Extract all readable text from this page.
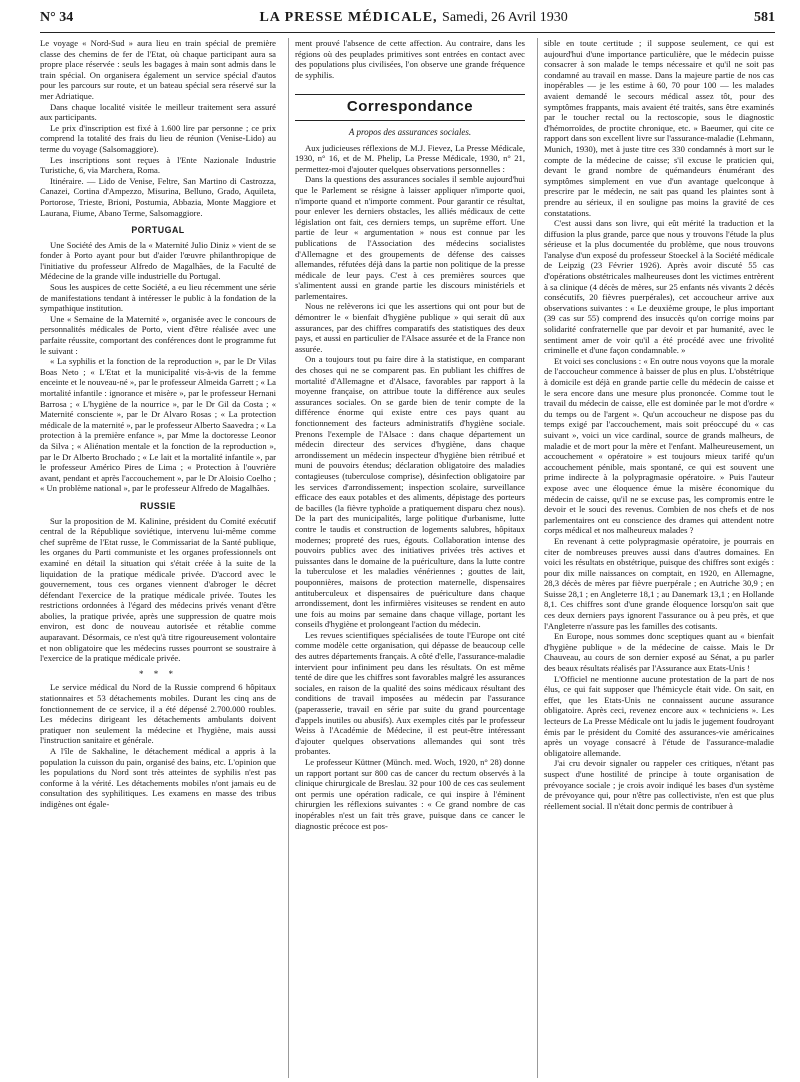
N° 34	LA PRESSE MÉDICALE, Samedi, 26 Avril 1930	581

Le voyage « Nord-Sud » aura lieu en train spécial de première classe des chemins de fer de l'Etat, où chaque participant aura sa propre place réservée : seuls les bagages à main sont admis dans le train spécial. On organisera également un service spécial d'autos pour les parcours sur route, et un bateau spécial sera réservé sur la mer Adriatique.

Dans chaque localité visitée le meilleur traitement sera assuré aux participants.

Le prix d'inscription est fixé à 1.600 lire par personne ; ce prix comprend la totalité des frais du lieu de réunion (Venise-Lido) au terme du voyage (Salsomaggiore).

Les inscriptions sont reçues à l'Ente Nazionale Industrie Turistiche, 6, via Marchera, Roma.

Itinéraire. — Lido de Venise, Feltre, San Martino di Castrozza, Canazei, Cortina d'Ampezzo, Misurina, Belluno, Grado, Aquileta, Portorose, Trieste, Brioni, Postumia, Abbazia, Monte Maggiore et Laurana, Fiume, Abano Terme, Salsomaggiore.

PORTUGAL

Une Société des Amis de la « Maternité Julio Diniz » vient de se fonder à Porto ayant pour but d'aider l'œuvre philanthropique de l'initiative du professeur Alfredo de Magalhães, de la Faculté de Médecine de la grande ville industrielle du Portugal.

Sous les auspices de cette Société, a eu lieu récemment une série de manifestations tendant à intéresser le public à la fondation de la sympathique institution.

Une « Semaine de la Maternité », organisée avec le concours de personnalités médicales de Porto, vient d'être réalisée avec une parfaite réussite, comportant des conférences dont le programme fut le suivant :

« La syphilis et la fonction de la reproduction », par le Dr Vilas Boas Neto ; « L'Etat et la municipalité vis-à-vis de la femme enceinte et le nouveau-né », par le professeur Almeida Garrett ; « La mortalité infantile : ignorance et misère », par le professeur Hernani Barrosa ; « L'hygiène de la nourrice », par le Dr Gil da Costa ; « Maternité consciente », par le Dr Alvaro Rosas ; « La protection médicale de la maternité », par le professeur Alberto Saavedra ; « La protection à la première enfance », par Mme la doctoresse Leonor da Silva ; « Aliénation mentale et la fonction de la reproduction », par le Dr Alberto Brochado ; « Le lait et la mortalité infantile », par le professeur Américo Pires de Lima ; « Protection à l'ouvrière avant, pendant et après l'accouchement », par le Dr Aloisio Coelho ; « Un problème national », par le professeur Alfredo de Magalhães.

RUSSIE

Sur la proposition de M. Kalinine, président du Comité exécutif central de la République soviétique, intervenu lui-même comme chef suprême de l'Etat russe, le Commissariat de la Santé publique, les organes du Parti communiste et les organes professionnels ont examiné en détail la situation qui s'était créée à la suite de la liquidation de la pratique médicale privée. D'accord avec le gouvernement, tous ces organes viennent d'abroger le décret défendant l'exercice de la pratique médicale privée. Toutes les restrictions ordonnées à l'égard des médecins privés venant d'être abolies, la pratique privée, après une suppression de quatre mois environ, est donc de nouveau autorisée et rétablie comme auparavant. Désormais, ce n'est qu'à titre rigoureusement volontaire et non obligatoire que les médecins russes pourront se soustraire à l'exercice de la pratique médicale privée.

* * *

Le service médical du Nord de la Russie comprend 6 hôpitaux stationnaires et 53 détachements mobiles. Durant les cinq ans de fonctionnement de ce service, il a été dépensé 2.700.000 roubles. Les médecins dirigeant les détachements ambulants doivent pratiquer non seulement la médecine et l'hygiène, mais aussi l'instruction sanitaire et générale.

A l'île de Sakhaline, le détachement médical a appris à la population la cuisson du pain, organisé des bains, etc. L'opinion que les populations du Nord sont très atteintes de syphilis n'est pas conforme à la vérité. Les détachements mobiles n'ont jamais eu de consultation des syphilitiques. Les examens en masse des tribus indigènes ont égale-

ment prouvé l'absence de cette affection. Au contraire, dans les régions où des peuplades primitives sont entrées en contact avec des populations plus civilisées, l'on observe une grande fréquence de syphilis.

Correspondance
A propos des assurances sociales.

Aux judicieuses réflexions de M.J. Fievez, La Presse Médicale, 1930, n° 16, et de M. Phelip, La Presse Médicale, 1930, n° 21, permettez-moi d'ajouter quelques observations personnelles :

Dans la questions des assurances sociales il semble aujourd'hui que le Parlement se résigne à laisser appliquer n'importe quoi, n'importe quand et n'importe comment. Pour garantir ce résultat, pour enlever les derniers obstacles, les alliés médicaux de cette législation ont fait, ces derniers temps, un suprême effort. Une partie de leur « argumentation » nous est connue par les publications de l'Association des médecins socialistes d'Allemagne et des groupements de défense des caisses allemandes, réfutées déjà dans la partie non politique de la presse médicale de leur pays. C'est à ces premières sources que s'alimentent aussi en grande partie les discours ministériels et parlementaires.

Nous ne relèverons ici que les assertions qui ont pour but de démontrer le « bienfait d'hygiène publique » qui serait dû aux assurances, par des chiffres comparatifs des statistiques des deux pays, et aussi en particulier de l'Alsace assurée et de la France non assurée.

On a toujours tout pu faire dire à la statistique, en comparant des choses qui ne se comparent pas. En publiant les chiffres de mortalité d'Allemagne et d'Alsace, favorables par rapport à la moyenne française, on attribue toute la différence aux seules assurances sociales. On se garde bien de tenir compte de la différence énorme qui existe entre ces pays quant au fonctionnement des facteurs administratifs d'hygiène sociale. Prenons l'exemple de l'Alsace : dans chaque département un médecin directeur des services d'hygiène, dans chaque arrondissement un médecin inspecteur d'hygiène bien rétribué et muni de pouvoirs étendus; déclaration obligatoire des maladies contagieuses (tuberculose comprise), désinfection obligatoire par les services d'arrondissement; inspection scolaire, surveillance efficace des eaux potables et des aliments, dépistage des porteurs de bacilles (la fièvre typhoïde a pratiquement disparu chez nous). De la part des municipalités, large politique d'urbanisme, lutte contre le taudis et construction de logements salubres, hôpitaux modernes; propreté des rues, égouts. Collaboration intense des pouvoirs publics avec des initiatives privées très actives et puissantes dans le domaine de la puériculture, dans la lutte contre la tuberculose et les maladies vénériennes ; gouttes de lait, pouponnières, maisons de protection maternelle, dispensaires antituberculeux et dispensaires de puériculture dans chaque arrondissement, dont les infirmières visiteuses se rendent en auto une fois au moins par semaine dans chaque village, portant les conseils d'hygiène et prolongeant l'action du médecin.

Les revues scientifiques spécialisées de toute l'Europe ont cité comme modèle cette organisation, qui dépasse de beaucoup celle des autres départements français. A côté d'elle, l'assurance-maladie intervient pour infiniment peu dans les résultats. On est même tenté de dire que les chiffres sont favorables malgré les assurances sociales, en raison de la qualité des soins médicaux résultant des conditions de travail imposées au médecin par l'assurance (paperasserie, travail en série par suite du grand pourcentage d'appels inutiles ou abusifs). Aux exemples cités par le professeur Weiss à l'Académie de Médecine, il est peut-être intéressant d'ajouter quelques observations allemandes qui sont très probantes.

Le professeur Küttner (Münch. med. Woch, 1920, n° 28) donne un rapport portant sur 800 cas de cancer du rectum observés à la clinique chirurgicale de Breslau. 32 pour 100 de ces cas seulement ont permis une opération radicale, ce qui inspire à l'éminent chirurgien les réflexions suivantes : « Ce grand nombre de cas inopérables n'est un fait très grave, puisque dans ce cancer le diagnostic précoce est pos-

sible en toute certitude ; il suppose seulement, ce qui est aujourd'hui d'une importance particulière, que le médecin puisse consacrer à son malade le temps nécessaire et qu'il ne soit pas condamné au travail en masse. Dans la majeure partie de nos cas inopérables — je les estime à 60, 70 pour 100 — les malades avaient demandé le secours médical assez tôt, pour des symptômes frappants, mais avaient été traités, sans être examinés par le toucher rectal ou la rectoscopie, sous le diagnostic d'hémorroïdes, de proctite chronique, etc. » Baeumer, qui cite ce rapport dans son excellent livre sur l'assurance-maladie (Lehmann, Munich, 1930), met à juste titre ces 330 condamnés à mort sur le compte de la médecine de caisse; s'il excuse le praticien qui, devant le grand nombre de quémandeurs énumérant des symptômes simplement en vue d'un avantage quelconque à prescrire par le médecin, ne sait pas quand les plaintes sont à prendre au sérieux, il en souligne pas moins la gravité de ces constatations.

C'est aussi dans son livre, qui eût mérité la traduction et la diffusion la plus grande, parce que nous y trouvons l'étude la plus sérieuse et la plus documentée du problème, que nous trouvons l'analyse d'un exposé du professeur Stoeckel à la Société médicale de Leipzig (23 Février 1926). Après avoir discuté 55 cas d'opérations obstétricales malheureuses dont les victimes entrèrent à sa clinique (4 décès de mères, sur 25 enfants nés vivants 2 décès consécutifs, 20 fièvres puerpérales), cet accoucheur arrive aux observations suivantes : « Le deuxième groupe, le plus important (39 cas sur 55) comprend des insuccès qu'on corrige moins par solidarité confraternelle que par devoir et par humanité, avec le sentiment amer de voir qu'il a été procédé avec une frivolité criminelle et d'une façon condamnable. »

Et voici ses conclusions : « En outre nous voyons que la morale de l'accoucheur commence à baisser de plus en plus. L'obstétrique à domicile est déjà en grande partie celle du médecin de caisse et le sera encore dans une mesure plus prononcée. Comme tout le travail du médecin de caisse, elle est dominée par le mot d'ordre « du temps ou de l'argent ». Qu'un accoucheur ne dispose pas du temps exigé par l'accouchement, mais soit préoccupé du « cas suivant », voici un vice cardinal, source de grands malheurs, de maladie et de mort pour la mère et l'enfant. Malheureusement, un accouchement « opératoire » est toujours mieux tarifé qu'un accouchement pénible, mais spontané, ce qui est souvent une prime indirecte à la polypragmasie opératoire. » Puis l'auteur expose avec une éloquence émue la misère économique du médecin de caisse, qu'il ne se excuse pas, les compromis entre le devoir et le souci des revenus. Combien de nos chefs et de nos parlementaires ont eu conscience des drames qui attendent notre corps médical et nos malheureux malades ?

En revenant à cette polypragmasie opératoire, je pourrais en citer de nombreuses preuves aussi dans d'autres domaines. En voici les résultats en obstétrique, puisque des chiffres sont exigés : pour dix mille naissances on comptait, en 1920, en Allemagne, 28,3 décès de mères par fièvre puerpérale ; en Autriche 30,9 ; en Suisse 28,1 ; en Angleterre 18,1 ; au Danemark 13,1 ; en Hollande 8,1. Ces chiffres sont d'une grande éloquence lorsqu'on sait que ces deux derniers pays ignorent l'assurance ou à peu près, et que l'Angleterre n'assure pas les familles des cotisants.

En Europe, nous sommes donc sceptiques quant au « bienfait d'hygiène publique » de la médecine de caisse. Mais le Dr Chauveau, au cours de son dernier exposé au Sénat, a pu parler des beaux résultats réalisés par l'Assurance aux Etats-Unis !

L'Officiel ne mentionne aucune protestation de la part de nos élus, ce qui fait supposer que l'hémicycle était vide. On sait, en effet, que les Etats-Unis ne connaissent aucune assurance obligatoire. Après ceci, revenez encore aux « techniciens ». Les lecteurs de La Presse Médicale ont lu jadis le jugement foudroyant émis par le président du Comité des assurances-vie américaines après un voyage consacré à l'étude de l'assurance-maladie obligatoire allemande.

J'ai cru devoir signaler ou rappeler ces critiques, n'étant pas suspect d'une hostilité de principe à toute organisation de prévoyance sociale ; je crois avoir indiqué les bases d'un système de prévoyance qui, pour n'être pas collectiviste, n'en est que plus réellement social. Il n'était donc permis de contribuer à
